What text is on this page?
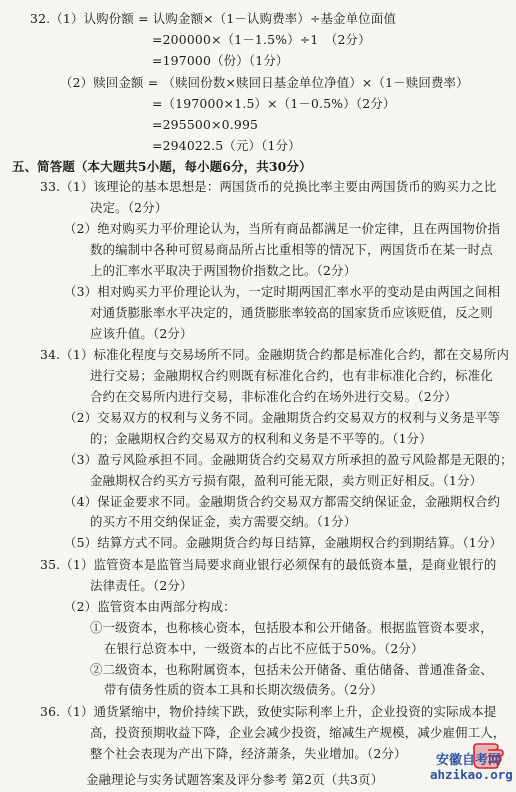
32.（1）认购份额 = 认购金额×（1－认购费率）÷基金单位面值
=200000×（1－1.5%）÷1　（2分）
=197000（份）（1分）
（2）赎回金额 = （赎回份数×赎回日基金单位净值）×（1－赎回费率）
=（197000×1.5）×（1－0.5%）（2分）
=295500×0.995
=294022.5（元）（1分）
五、简答题（本大题共5小题，每小题6分，共30分）
33.（1）该理论的基本思想是：两国货币的兑换比率主要由两国货币的购买力之比
决定。（2分）
（2）绝对购买力平价理论认为，当所有商品都满足一价定律，且在两国物价指
数的编制中各种可贸易商品所占比重相等的情况下，两国货币在某一时点
上的汇率水平取决于两国物价指数之比。（2分）
（3）相对购买力平价理论认为，一定时期两国汇率水平的变动是由两国之间相
对通货膨胀率水平决定的，通货膨胀率较高的国家货币应该贬值，反之则
应该升值。（2分）
34.（1）标准化程度与交易场所不同。金融期货合约都是标准化合约，都在交易所内
进行交易；金融期权合约则既有标准化合约，也有非标准化合约，标准化
合约在交易所内进行交易，非标准化合约在场外进行交易。（2分）
（2）交易双方的权利与义务不同。金融期货合约交易双方的权利与义务是平等
的；金融期权合约交易双方的权利和义务是不平等的。（1分）
（3）盈亏风险承担不同。金融期货合约交易双方所承担的盈亏风险都是无限的；
金融期权合约买方亏损有限，盈利可能无限，卖方则正好相反。（1分）
（4）保证金要求不同。金融期货合约交易双方都需交纳保证金，金融期权合约
的买方不用交纳保证金，卖方需要交纳。（1分）
（5）结算方式不同。金融期货合约每日结算，金融期权合约到期结算。（1分）
35.（1）监管资本是监管当局要求商业银行必须保有的最低资本量，是商业银行的
法律责任。（2分）
（2）监管资本由两部分构成：
①一级资本，也称核心资本，包括股本和公开储备。根据监管资本要求，
在银行总资本中，一级资本的占比不应低于50%。（2分）
②二级资本，也称附属资本，包括未公开储备、重估储备、普通准备金、
带有债务性质的资本工具和长期次级债务。（2分）
36.（1）通货紧缩中，物价持续下跌，致使实际利率上升，企业投资的实际成本提
高，投资预期收益下降，企业会减少投资，缩减生产规模，减少雇佣工人，
整个社会表现为产出下降，经济萧条，失业增加。（2分）
金融理论与实务试题答案及评分参考 第2页（共3页）
安徽自考网
ahzikao.org
